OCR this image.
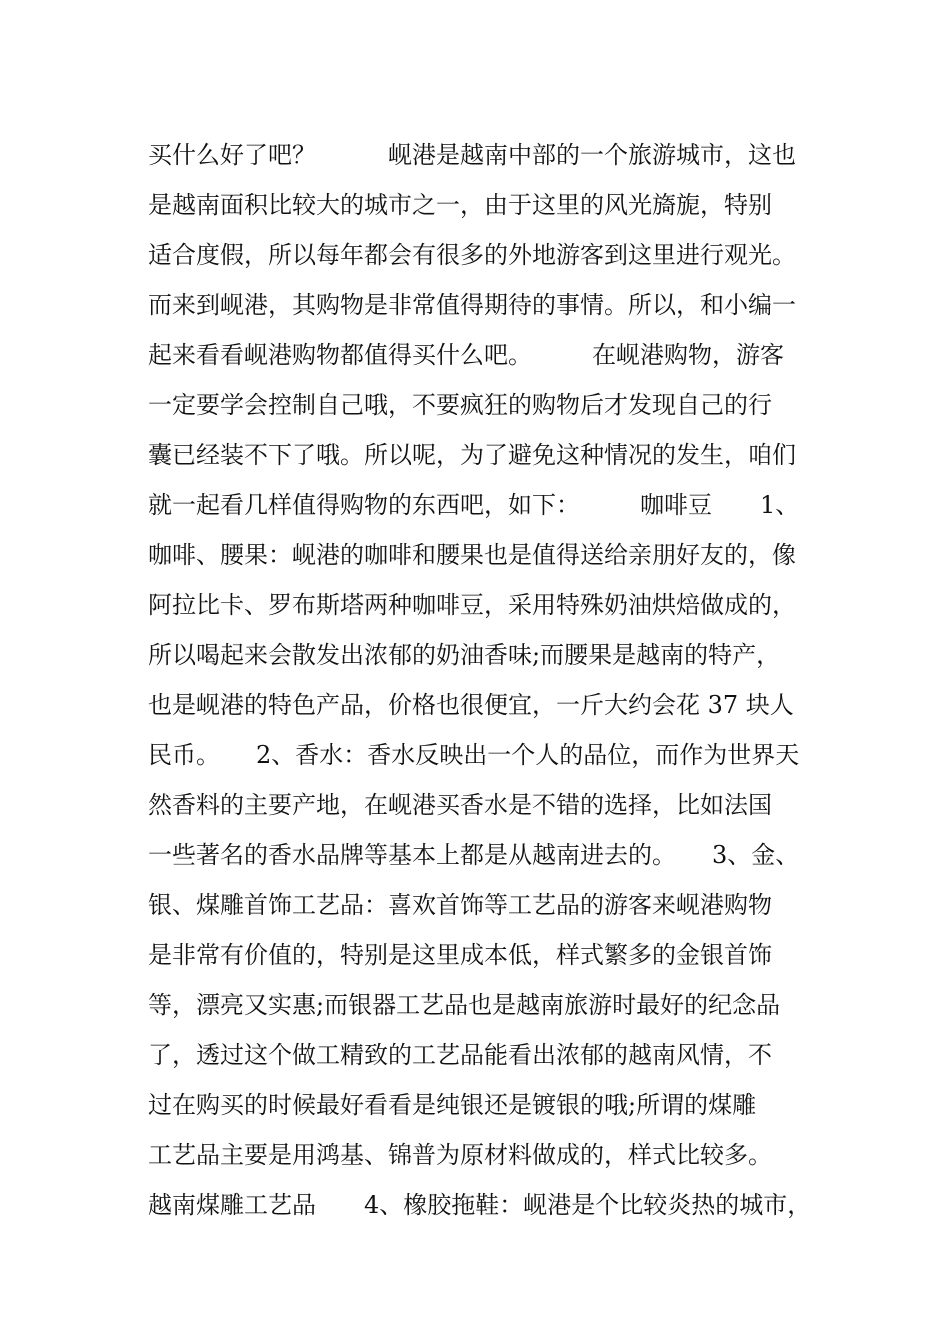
买什么好了吧？　　　岘港是越南中部的一个旅游城市，这也
是越南面积比较大的城市之一，由于这里的风光旖旎，特别
适合度假，所以每年都会有很多的外地游客到这里进行观光。
而来到岘港，其购物是非常值得期待的事情。所以，和小编一
起来看看岘港购物都值得买什么吧。　　　在岘港购物，游客
一定要学会控制自己哦，不要疯狂的购物后才发现自己的行
囊已经装不下了哦。所以呢，为了避免这种情况的发生，咱们
就一起看几样值得购物的东西吧，如下：　　　咖啡豆　　1、
咖啡、腰果：岘港的咖啡和腰果也是值得送给亲朋好友的，像
阿拉比卡、罗布斯塔两种咖啡豆，采用特殊奶油烘焙做成的，
所以喝起来会散发出浓郁的奶油香味;而腰果是越南的特产，
也是岘港的特色产品，价格也很便宜，一斤大约会花 37 块人
民币。　　2、香水：香水反映出一个人的品位，而作为世界天
然香料的主要产地，在岘港买香水是不错的选择，比如法国
一些著名的香水品牌等基本上都是从越南进去的。　　3、金、
银、煤雕首饰工艺品：喜欢首饰等工艺品的游客来岘港购物
是非常有价值的，特别是这里成本低，样式繁多的金银首饰
等，漂亮又实惠;而银器工艺品也是越南旅游时最好的纪念品
了，透过这个做工精致的工艺品能看出浓郁的越南风情，不
过在购买的时候最好看看是纯银还是镀银的哦;所谓的煤雕
工艺品主要是用鸿基、锦普为原材料做成的，样式比较多。
越南煤雕工艺品　　4、橡胶拖鞋：岘港是个比较炎热的城市，
